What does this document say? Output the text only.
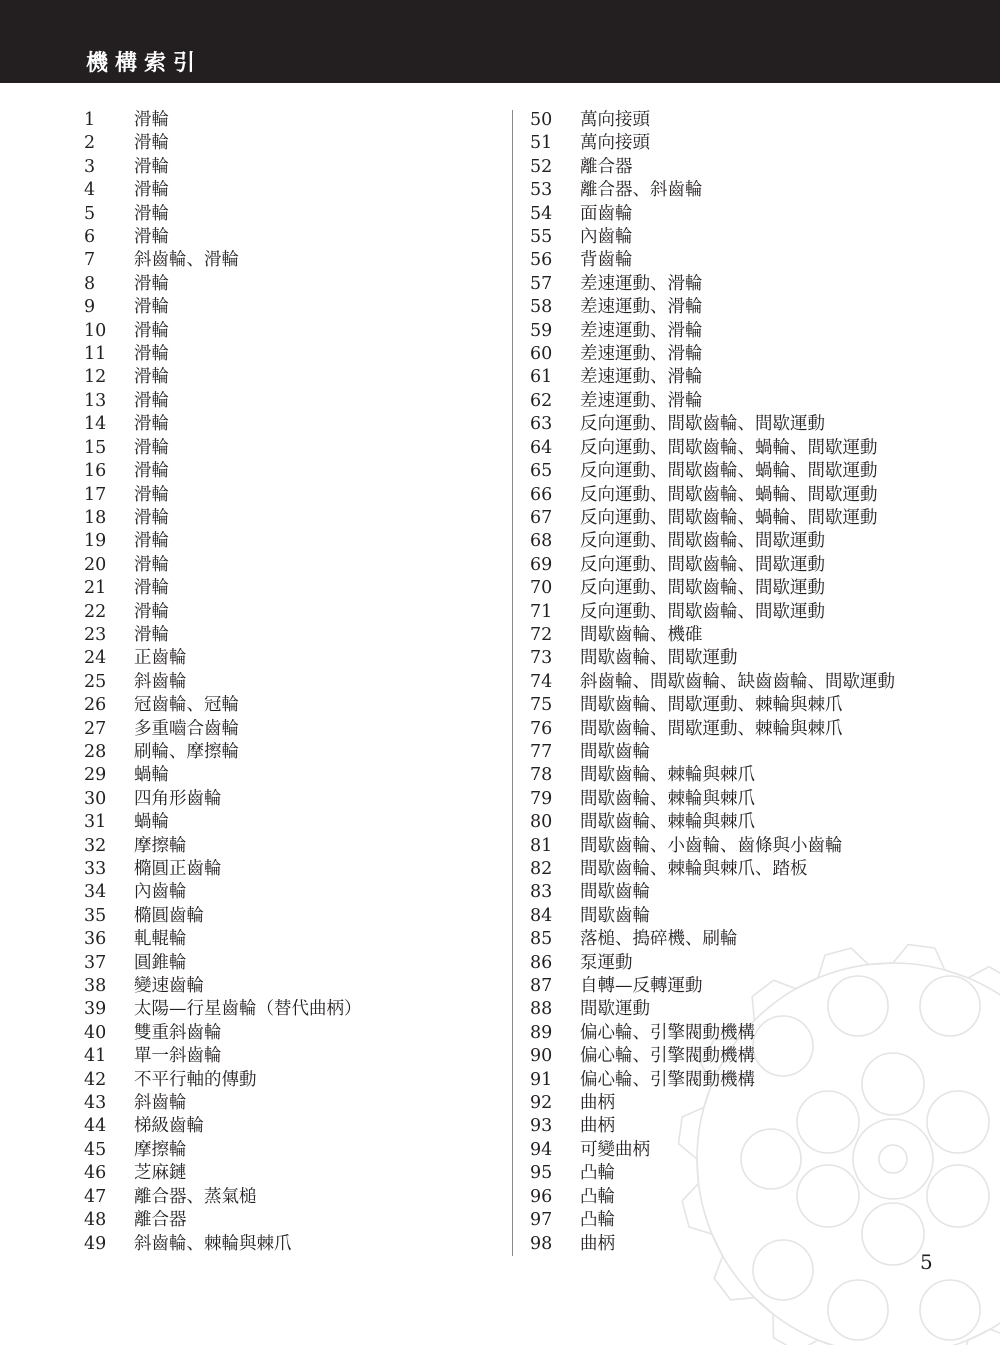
機構索引
1 滑輪
2 滑輪
3 滑輪
4 滑輪
5 滑輪
6 滑輪
7 斜齒輪、滑輪
8 滑輪
9 滑輪
10 滑輪
11 滑輪
12 滑輪
13 滑輪
14 滑輪
15 滑輪
16 滑輪
17 滑輪
18 滑輪
19 滑輪
20 滑輪
21 滑輪
22 滑輪
23 滑輪
24 正齒輪
25 斜齒輪
26 冠齒輪、冠輪
27 多重嚙合齒輪
28 刷輪、摩擦輪
29 蝸輪
30 四角形齒輪
31 蝸輪
32 摩擦輪
33 橢圓正齒輪
34 內齒輪
35 橢圓齒輪
36 軋輥輪
37 圓錐輪
38 變速齒輪
39 太陽—行星齒輪（替代曲柄）
40 雙重斜齒輪
41 單一斜齒輪
42 不平行軸的傳動
43 斜齒輪
44 梯級齒輪
45 摩擦輪
46 芝麻鏈
47 離合器、蒸氣槌
48 離合器
49 斜齒輪、棘輪與棘爪
50 萬向接頭
51 萬向接頭
52 離合器
53 離合器、斜齒輪
54 面齒輪
55 內齒輪
56 背齒輪
57 差速運動、滑輪
58 差速運動、滑輪
59 差速運動、滑輪
60 差速運動、滑輪
61 差速運動、滑輪
62 差速運動、滑輪
63 反向運動、間歇齒輪、間歇運動
64 反向運動、間歇齒輪、蝸輪、間歇運動
65 反向運動、間歇齒輪、蝸輪、間歇運動
66 反向運動、間歇齒輪、蝸輪、間歇運動
67 反向運動、間歇齒輪、蝸輪、間歇運動
68 反向運動、間歇齒輪、間歇運動
69 反向運動、間歇齒輪、間歇運動
70 反向運動、間歇齒輪、間歇運動
71 反向運動、間歇齒輪、間歇運動
72 間歇齒輪、機碓
73 間歇齒輪、間歇運動
74 斜齒輪、間歇齒輪、缺齒齒輪、間歇運動
75 間歇齒輪、間歇運動、棘輪與棘爪
76 間歇齒輪、間歇運動、棘輪與棘爪
77 間歇齒輪
78 間歇齒輪、棘輪與棘爪
79 間歇齒輪、棘輪與棘爪
80 間歇齒輪、棘輪與棘爪
81 間歇齒輪、小齒輪、齒條與小齒輪
82 間歇齒輪、棘輪與棘爪、踏板
83 間歇齒輪
84 間歇齒輪
85 落槌、搗碎機、刷輪
86 泵運動
87 自轉—反轉運動
88 間歇運動
89 偏心輪、引擎閥動機構
90 偏心輪、引擎閥動機構
91 偏心輪、引擎閥動機構
92 曲柄
93 曲柄
94 可變曲柄
95 凸輪
96 凸輪
97 凸輪
98 曲柄
5
